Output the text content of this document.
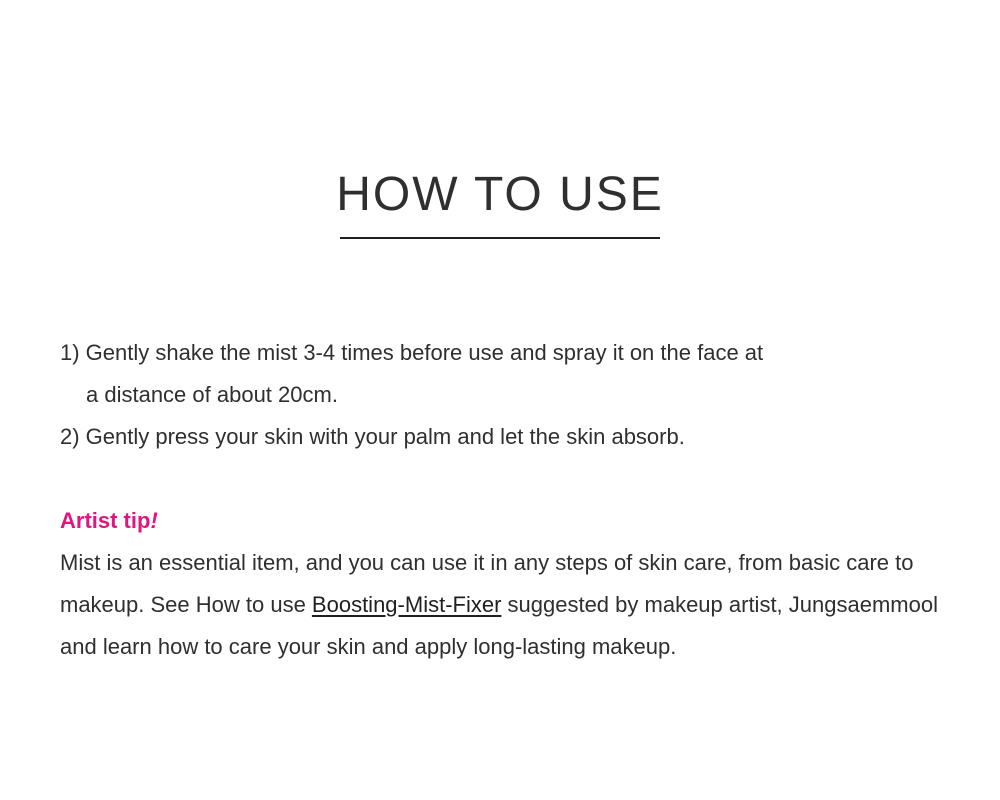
HOW TO USE

1) Gently shake the mist 3-4 times before use and spray it on the face at

a distance of about 20cm.

2) Gently press your skin with your palm and let the skin absorb.

Artist tip!

Mist is an essential item, and you can use it in any steps of skin care, from basic care to makeup. See How to use Boosting-Mist-Fixer suggested by makeup artist, Jungsaemmool and learn how to care your skin and apply long-lasting makeup.
